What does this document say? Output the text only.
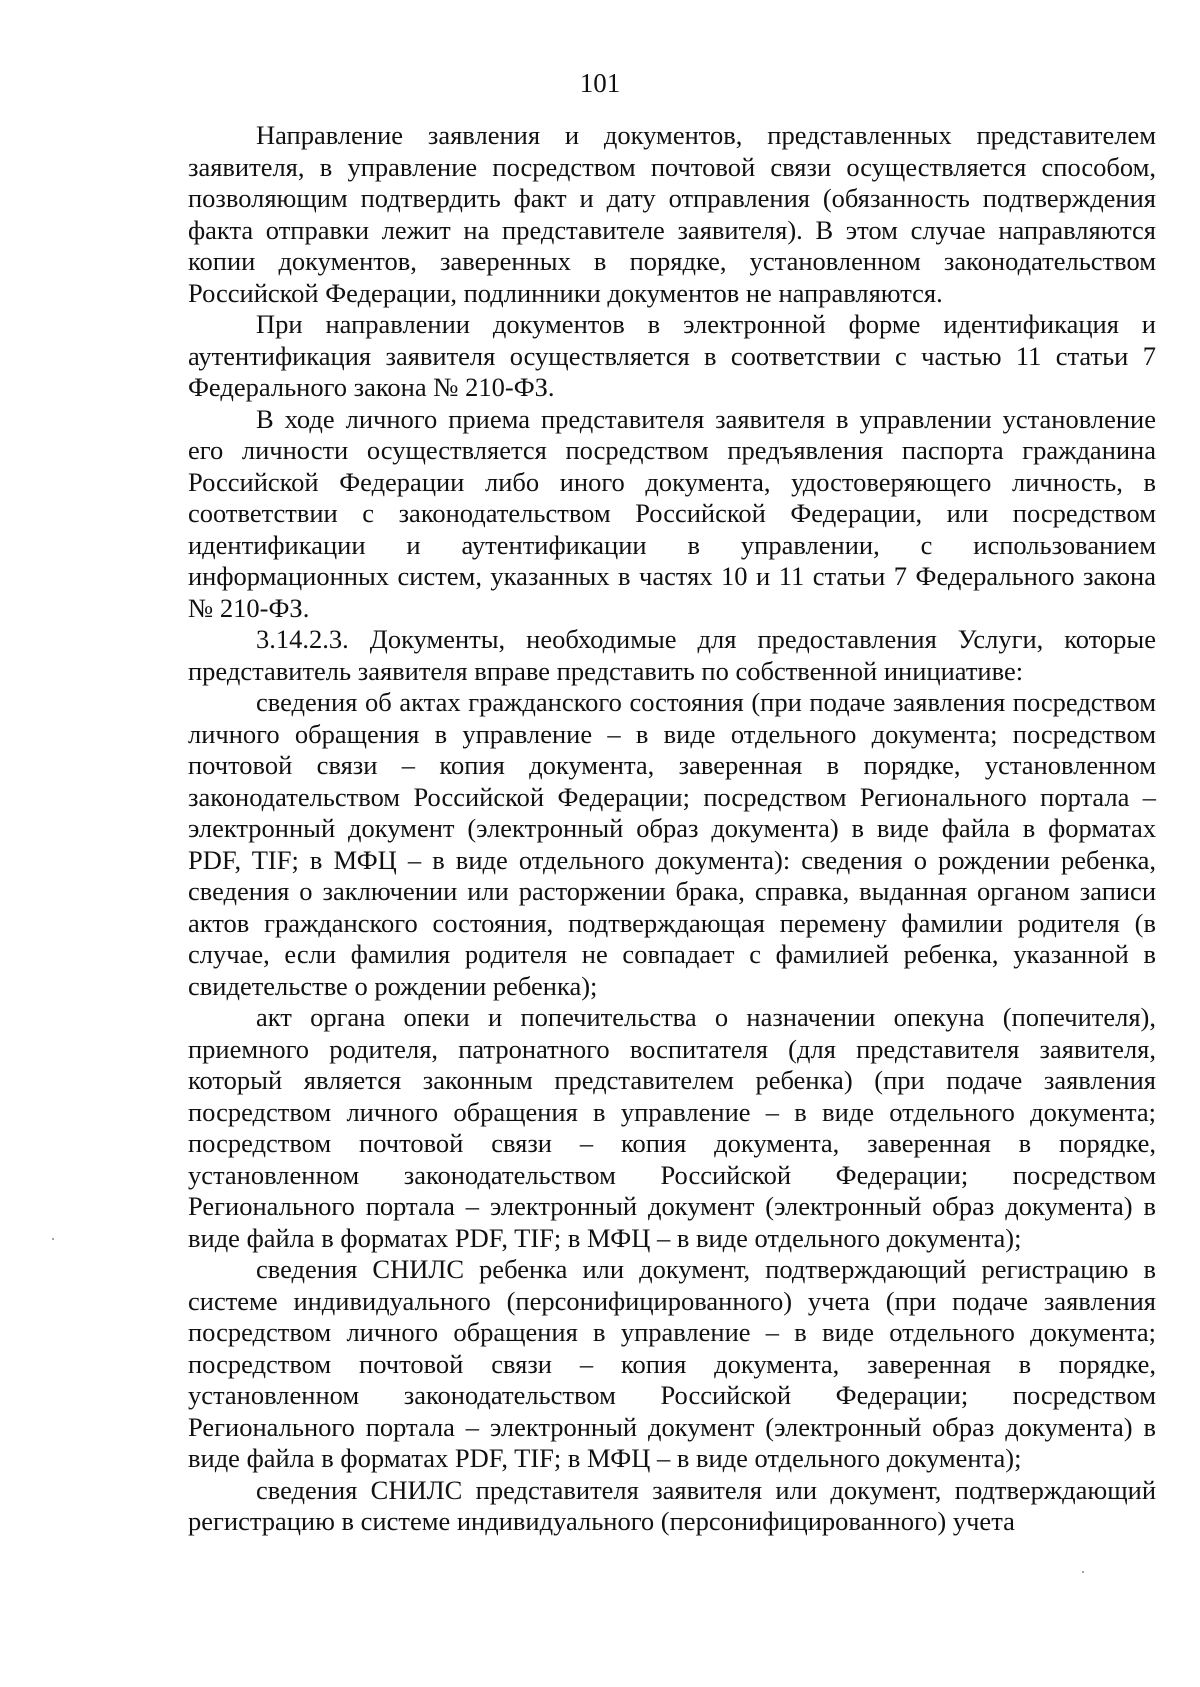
101

Направление заявления и документов, представленных представителем заявителя, в управление посредством почтовой связи осуществляется способом, позволяющим подтвердить факт и дату отправления (обязанность подтверждения факта отправки лежит на представителе заявителя). В этом случае направляются копии документов, заверенных в порядке, установленном законодательством Российской Федерации, подлинники документов не направляются.

При направлении документов в электронной форме идентификация и аутентификация заявителя осуществляется в соответствии с частью 11 статьи 7 Федерального закона № 210-ФЗ.

В ходе личного приема представителя заявителя в управлении установление его личности осуществляется посредством предъявления паспорта гражданина Российской Федерации либо иного документа, удостоверяющего личность, в соответствии с законодательством Российской Федерации, или посредством идентификации и аутентификации в управлении, с использованием информационных систем, указанных в частях 10 и 11 статьи 7 Федерального закона № 210-ФЗ.

3.14.2.3. Документы, необходимые для предоставления Услуги, которые представитель заявителя вправе представить по собственной инициативе:

сведения об актах гражданского состояния (при подаче заявления посредством личного обращения в управление – в виде отдельного документа; посредством почтовой связи – копия документа, заверенная в порядке, установленном законодательством Российской Федерации; посредством Регионального портала – электронный документ (электронный образ документа) в виде файла в форматах PDF, TIF; в МФЦ – в виде отдельного документа): сведения о рождении ребенка, сведения о заключении или расторжении брака, справка, выданная органом записи актов гражданского состояния, подтверждающая перемену фамилии родителя (в случае, если фамилия родителя не совпадает с фамилией ребенка, указанной в свидетельстве о рождении ребенка);

акт органа опеки и попечительства о назначении опекуна (попечителя), приемного родителя, патронатного воспитателя (для представителя заявителя, который является законным представителем ребенка) (при подаче заявления посредством личного обращения в управление – в виде отдельного документа; посредством почтовой связи – копия документа, заверенная в порядке, установленном законодательством Российской Федерации; посредством Регионального портала – электронный документ (электронный образ документа) в виде файла в форматах PDF, TIF; в МФЦ – в виде отдельного документа);

сведения СНИЛС ребенка или документ, подтверждающий регистрацию в системе индивидуального (персонифицированного) учета (при подаче заявления посредством личного обращения в управление – в виде отдельного документа; посредством почтовой связи – копия документа, заверенная в порядке, установленном законодательством Российской Федерации; посредством Регионального портала – электронный документ (электронный образ документа) в виде файла в форматах PDF, TIF; в МФЦ – в виде отдельного документа);

сведения СНИЛС представителя заявителя или документ, подтверждающий регистрацию в системе индивидуального (персонифицированного) учета
